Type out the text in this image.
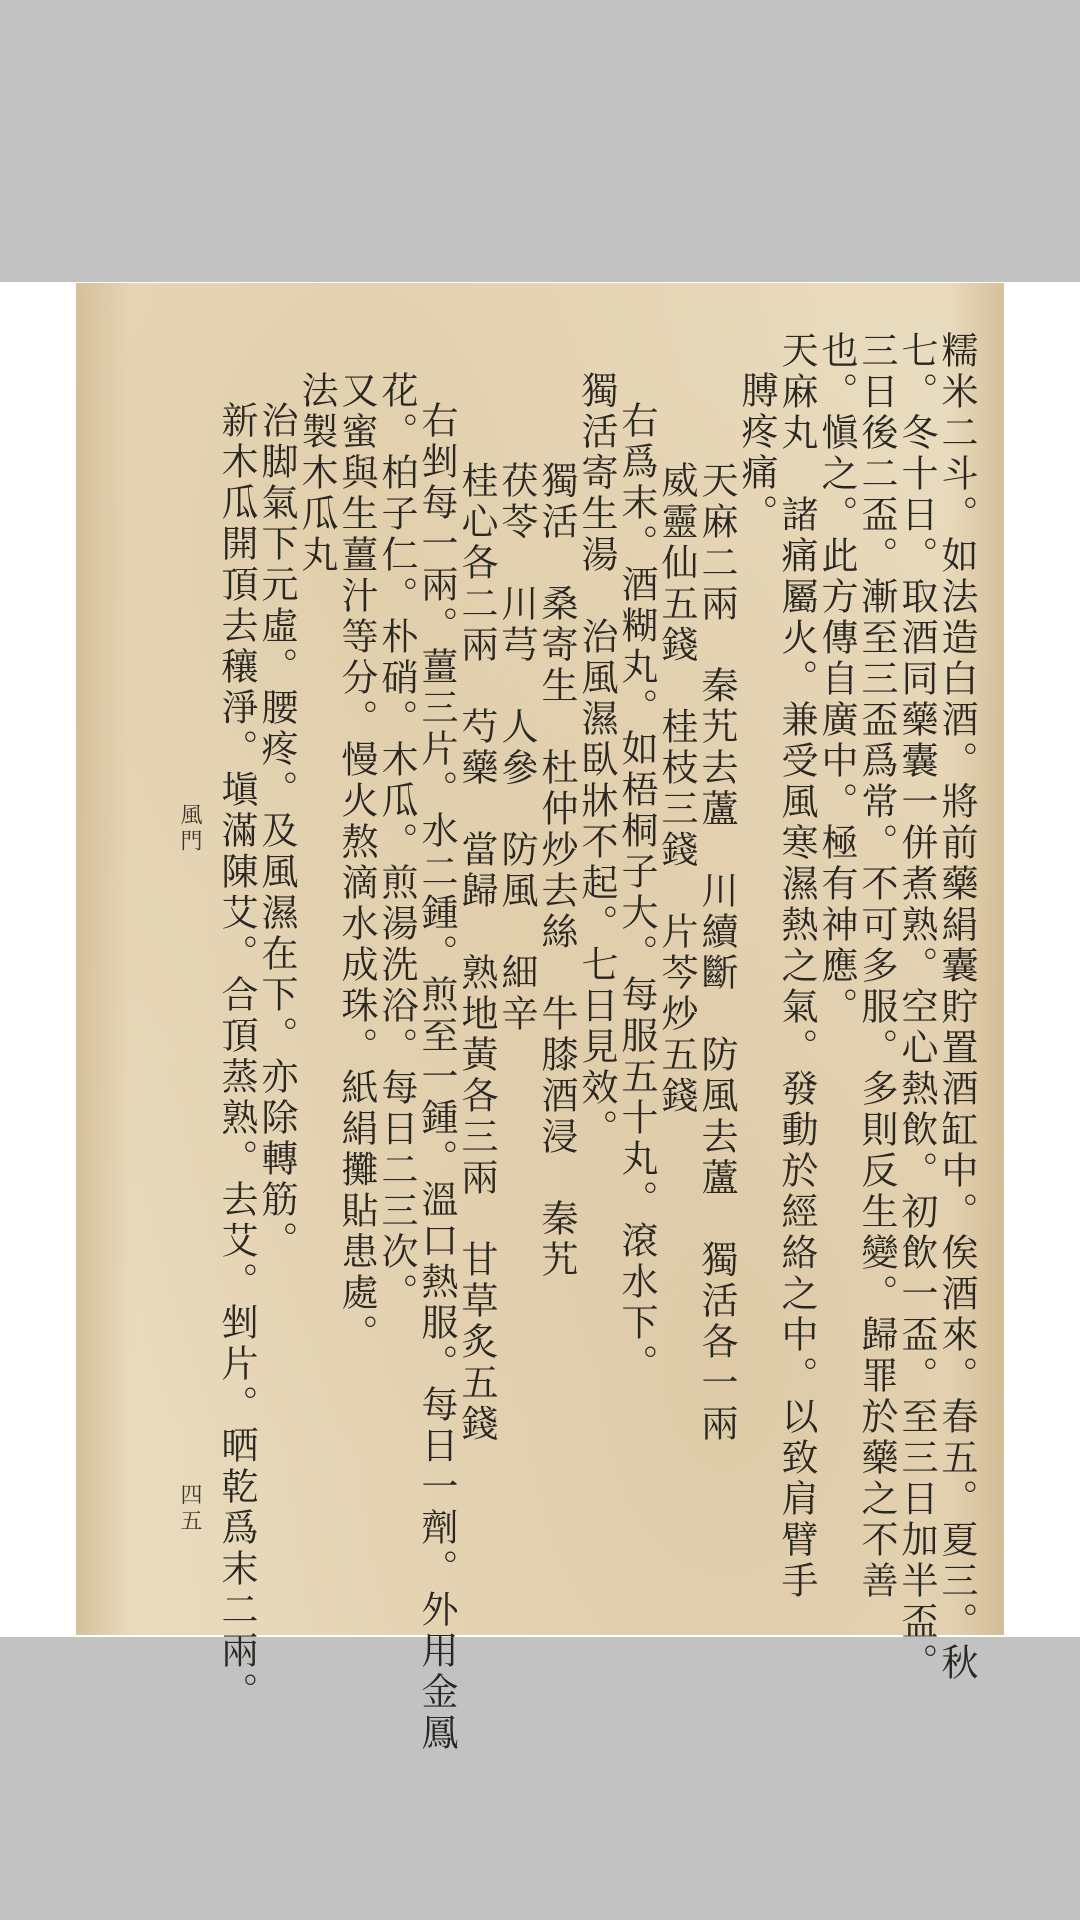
糯米二斗。如法造白酒。將前藥絹囊貯置酒缸中。俟酒來。春五。夏三。秋
七。冬十日。取酒同藥囊一併煮熟。空心熱飲。初飲一盃。至三日加半盃。
三日後二盃。漸至三盃爲常。不可多服。多則反生變。歸罪於藥之不善
也。愼之。此方傳自廣中。極有神應。
天麻丸　諸痛屬火。兼受風寒濕熱之氣。發動於經絡之中。以致肩臂手
膊疼痛。
天麻二兩　秦艽去蘆　川續斷　防風去蘆　獨活各一兩
威靈仙五錢　桂枝三錢　片芩炒五錢
右爲末。酒糊丸。如梧桐子大。每服五十丸。滾水下。
獨活寄生湯　治風濕臥牀不起。七日見效。
獨活　桑寄生　杜仲炒去絲　牛膝酒浸　秦艽
茯苓　川芎　人參　防風　細辛
桂心各二兩　芍藥　當歸　熟地黃各三兩　甘草炙五錢
右剉每一兩。薑三片。水二鍾。煎至一鍾。溫口熱服。每日一劑。外用金鳳
花。柏子仁。朴硝。木瓜。煎湯洗浴。每日二三次。
又蜜與生薑汁等分。慢火熬滴水成珠。紙絹攤貼患處。
法製木瓜丸
治脚氣下元虛。腰疼。及風濕在下。亦除轉筋。
新木瓜開頂去穰淨。塡滿陳艾。合頂蒸熟。去艾。剉片。晒乾爲末二兩。
風門
四五
